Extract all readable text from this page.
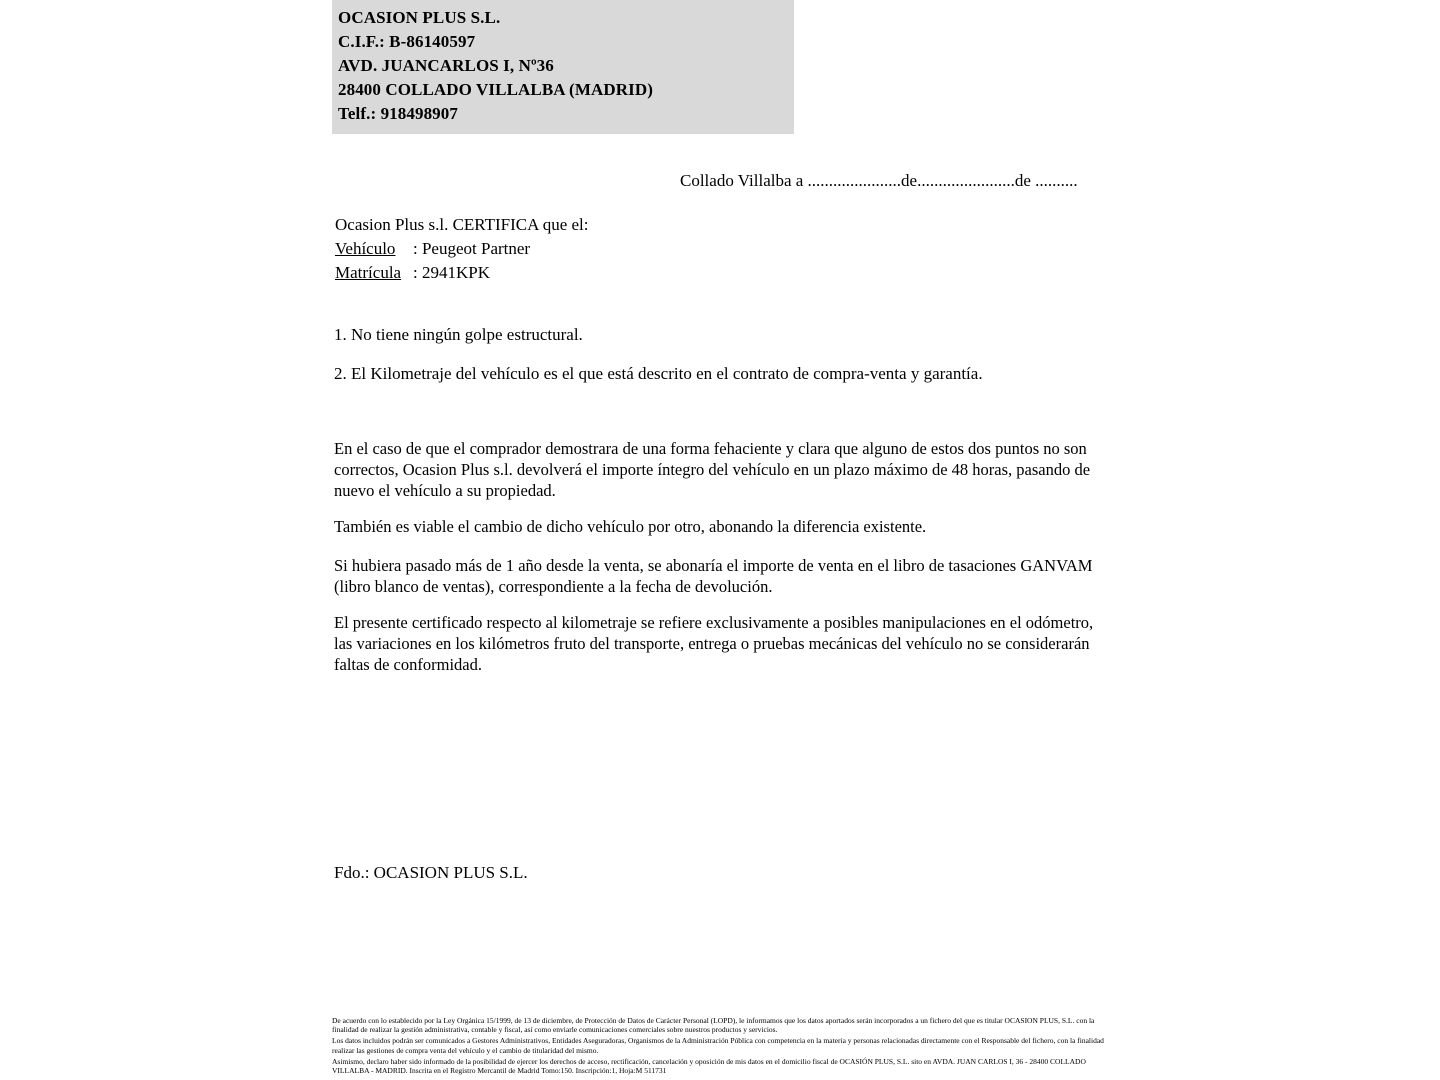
OCASION PLUS S.L.
C.I.F.: B-86140597
AVD. JUANCARLOS I, Nº36
28400 COLLADO VILLALBA (MADRID)
Telf.: 918498907
Collado Villalba a ......................de.......................de ..........
Ocasion Plus s.l. CERTIFICA que el:
Vehículo : Peugeot Partner
Matrícula : 2941KPK
1. No tiene ningún golpe estructural.
2. El Kilometraje del vehículo es el que está descrito en el contrato de compra-venta y garantía.
En el caso de que el comprador demostrara de una forma fehaciente y clara que alguno de estos dos puntos no son correctos, Ocasion Plus s.l. devolverá el importe íntegro del vehículo en un plazo máximo de 48 horas, pasando de nuevo el vehículo a su propiedad.
También es viable el cambio de dicho vehículo por otro, abonando la diferencia existente.
Si hubiera pasado más de 1 año desde la venta, se abonaría el importe de venta en el libro de tasaciones GANVAM (libro blanco de ventas), correspondiente a la fecha de devolución.
El presente certificado respecto al kilometraje se refiere exclusivamente a posibles manipulaciones en el odómetro, las variaciones en los kilómetros fruto del transporte, entrega o pruebas mecánicas del vehículo no se considerarán faltas de conformidad.
Fdo.: OCASION PLUS S.L.

De acuerdo con lo establecido por la Ley Orgánica 15/1999, de 13 de diciembre, de Protección de Datos de Carácter Personal (LOPD), le informamos que los datos aportados serán incorporados a un fichero del que es titular OCASION PLUS, S.L. con la finalidad de realizar la gestión administrativa, contable y fiscal, así como enviarle comunicaciones comerciales sobre nuestros productos y servicios.

Los datos incluidos podrán ser comunicados a Gestores Administrativos, Entidades Aseguradoras, Organismos de la Administración Pública con competencia en la materia y personas relacionadas directamente con el Responsable del fichero, con la finalidad realizar las gestiones de compra venta del vehículo y el cambio de titularidad del mismo.

Asimismo, declaro haber sido informado de la posibilidad de ejercer los derechos de acceso, rectificación, cancelación y oposición de mis datos en el domicilio fiscal de OCASIÓN PLUS, S.L. sito en AVDA. JUAN CARLOS I, 36 - 28400 COLLADO VILLALBA - MADRID. Inscrita en el Registro Mercantil de Madrid Tomo:150. Inscripción:1, Hoja:M 511731
